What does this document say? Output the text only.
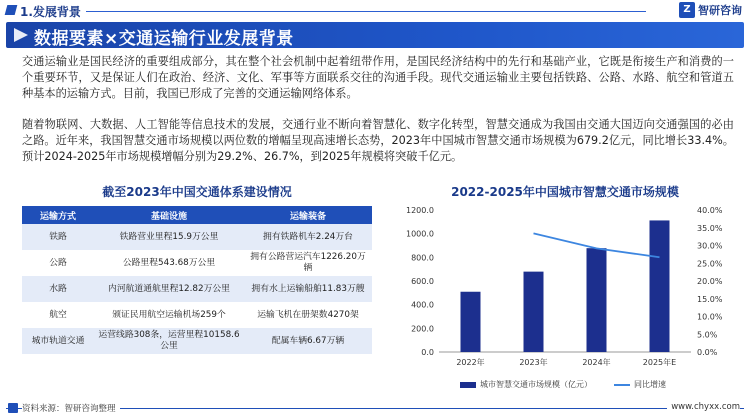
1.发展背景	Z 智研咨询
数据要素×交通运输行业发展背景
交通运输业是国民经济的重要组成部分，其在整个社会机制中起着纽带作用，是国民经济结构中的先行和基础产业，它既是衔接生产和消费的一个重要环节，又是保证人们在政治、经济、文化、军事等方面联系交往的沟通手段。现代交通运输业主要包括铁路、公路、水路、航空和管道五种基本的运输方式。目前，我国已形成了完善的交通运输网络体系。
随着物联网、大数据、人工智能等信息技术的发展，交通行业不断向着智慧化、数字化转型，智慧交通成为我国由交通大国迈向交通强国的必由之路。近年来，我国智慧交通市场规模以两位数的增幅呈现高速增长态势，2023年中国城市智慧交通市场规模为679.2亿元，同比增长33.4%。预计2024-2025年市场规模增幅分别为29.2%、26.7%，到2025年规模将突破千亿元。
截至2023年中国交通体系建设情况
运输方式	基础设施	运输装备
铁路	铁路营业里程15.9万公里	拥有铁路机车2.24万台
公路	公路里程543.68万公里	拥有公路营运汽车1226.20万辆
水路	内河航道通航里程12.82万公里	拥有水上运输船舶11.83万艘
航空	颁证民用航空运输机场259个	运输飞机在册架数4270架
城市轨道交通	运营线路308条，运营里程10158.6公里	配属车辆6.67万辆
2022-2025年中国城市智慧交通市场规模
0.0
200.0
400.0
600.0
800.0
1000.0
1200.0
0.0%
5.0%
10.0%
15.0%
20.0%
25.0%
30.0%
35.0%
40.0%
2022年	2023年	2024年	2025年E
城市智慧交通市场规模（亿元）	同比增速
资料来源：智研咨询整理	www.chyxx.com
